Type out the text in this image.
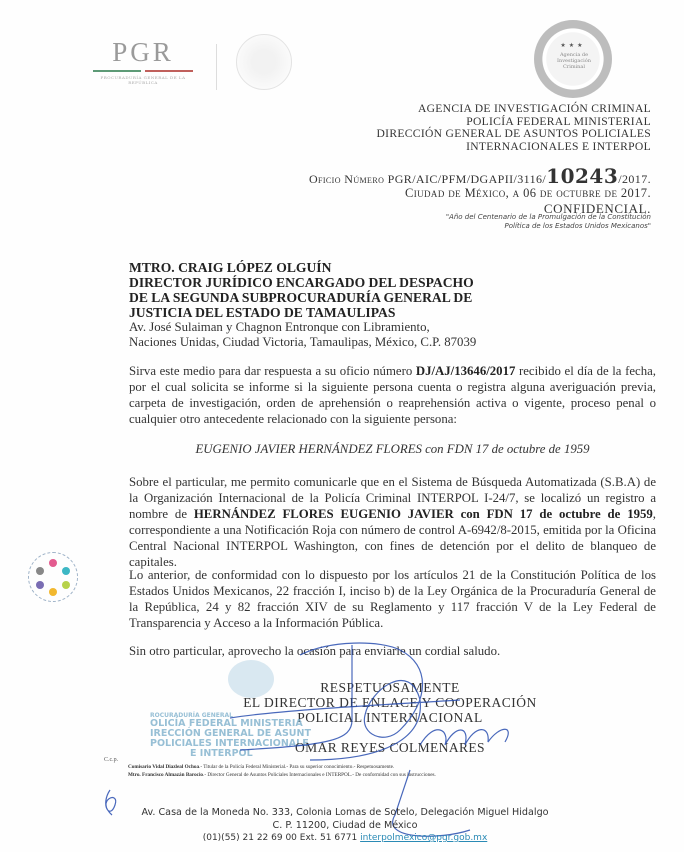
PGR
PROCURADURÍA GENERAL DE LA REPÚBLICA
★★★
Agencia de Investigación Criminal
AGENCIA DE INVESTIGACIÓN CRIMINAL
POLICÍA FEDERAL MINISTERIAL
DIRECCIÓN GENERAL DE ASUNTOS POLICIALES
INTERNACIONALES E INTERPOL
Oficio Número PGR/AIC/PFM/DGAPII/3116/10243/2017.
Ciudad de México, a 06 de octubre de 2017.
CONFIDENCIAL.
"Año del Centenario de la Promulgación de la Constitución
Política de los Estados Unidos Mexicanos"
MTRO. CRAIG LÓPEZ OLGUÍN
DIRECTOR JURÍDICO ENCARGADO DEL DESPACHO
DE LA SEGUNDA SUBPROCURADURÍA GENERAL DE
JUSTICIA DEL ESTADO DE TAMAULIPAS
Av. José Sulaiman y Chagnon Entronque con Libramiento,
Naciones Unidas, Ciudad Victoria, Tamaulipas, México, C.P. 87039
Sirva este medio para dar respuesta a su oficio número DJ/AJ/13646/2017 recibido el día de la fecha, por el cual solicita se informe si la siguiente persona cuenta o registra alguna averiguación previa, carpeta de investigación, orden de aprehensión o reaprehensión activa o vigente, proceso penal o cualquier otro antecedente relacionado con la siguiente persona:
EUGENIO JAVIER HERNÁNDEZ FLORES con FDN 17 de octubre de 1959
Sobre el particular, me permito comunicarle que en el Sistema de Búsqueda Automatizada (S.B.A) de la Organización Internacional de la Policía Criminal INTERPOL I-24/7, se localizó un registro a nombre de HERNÁNDEZ FLORES EUGENIO JAVIER con FDN 17 de octubre de 1959, correspondiente a una Notificación Roja con número de control A-6942/8-2015, emitida por la Oficina Central Nacional INTERPOL Washington, con fines de detención por el delito de blanqueo de capitales.
Lo anterior, de conformidad con lo dispuesto por los artículos 21 de la Constitución Política de los Estados Unidos Mexicanos, 22 fracción I, inciso b) de la Ley Orgánica de la Procuraduría General de la República, 24 y 82 fracción XIV de su Reglamento y 117 fracción V de la Ley Federal de Transparencia y Acceso a la Información Pública.
Sin otro particular, aprovecho la ocasión para enviarle un cordial saludo.
RESPETUOSAMENTE
EL DIRECTOR DE ENLACE Y COOPERACIÓN
POLICIAL INTERNACIONAL
ROCURADURÍA GENERAL
OLICÍA FEDERAL MINISTERIA
IRECCIÓN GENERAL DE ASUNT
POLICIALES INTERNACIONALE
E INTERPOL	OMAR REYES COLMENARES
C.c.p.
Comisario Vidal Diazleal Ochoa.- Titular de la Policía Federal Ministerial.- Para su superior conocimiento.- Respetuosamente.
Mtro. Francisco Almazán Barocio.- Director General de Asuntos Policiales Internacionales e INTERPOL.- De conformidad con sus instrucciones.
Av. Casa de la Moneda No. 333, Colonia Lomas de Sotelo, Delegación Miguel Hidalgo
C. P. 11200, Ciudad de México
(01)(55) 21 22 69 00 Ext. 51 6771 interpolmexico@pgr.gob.mx
